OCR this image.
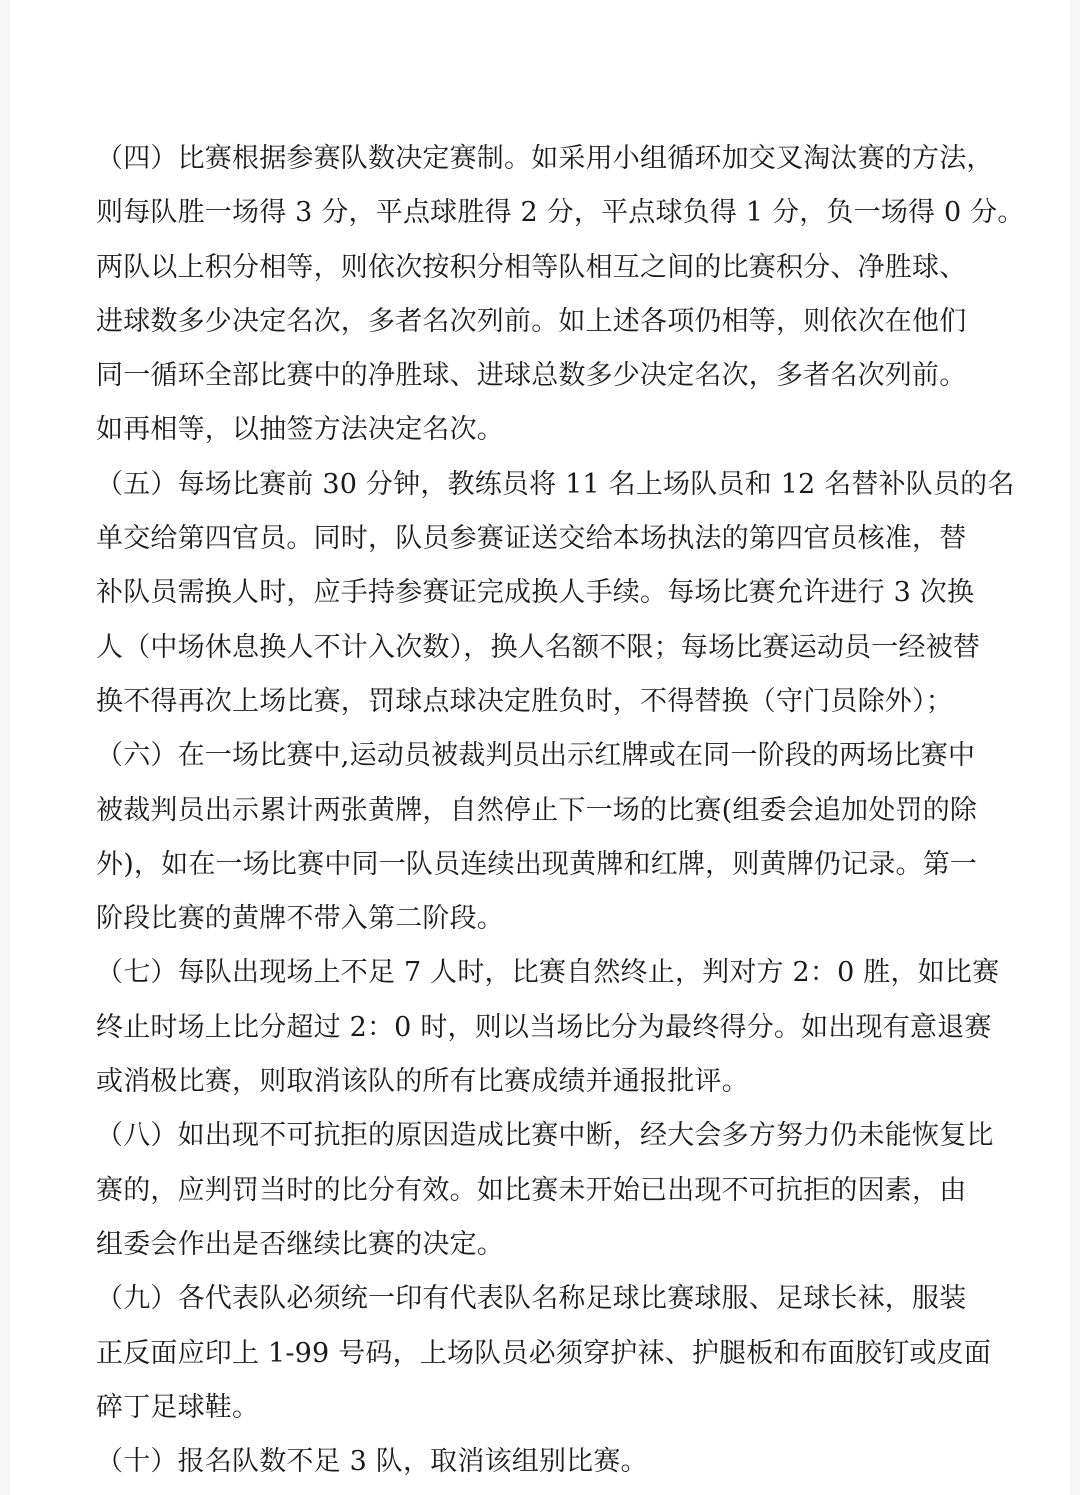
（四）比赛根据参赛队数决定赛制。如采用小组循环加交叉淘汰赛的方法，
则每队胜一场得 3 分，平点球胜得 2 分，平点球负得 1 分，负一场得 0 分。
两队以上积分相等，则依次按积分相等队相互之间的比赛积分、净胜球、
进球数多少决定名次，多者名次列前。如上述各项仍相等，则依次在他们
同一循环全部比赛中的净胜球、进球总数多少决定名次，多者名次列前。
如再相等，以抽签方法决定名次。
（五）每场比赛前 30 分钟，教练员将 11 名上场队员和 12 名替补队员的名
单交给第四官员。同时，队员参赛证送交给本场执法的第四官员核准，替
补队员需换人时，应手持参赛证完成换人手续。每场比赛允许进行 3 次换
人（中场休息换人不计入次数），换人名额不限；每场比赛运动员一经被替
换不得再次上场比赛，罚球点球决定胜负时，不得替换（守门员除外）；
（六）在一场比赛中,运动员被裁判员出示红牌或在同一阶段的两场比赛中
被裁判员出示累计两张黄牌，自然停止下一场的比赛(组委会追加处罚的除
外)，如在一场比赛中同一队员连续出现黄牌和红牌，则黄牌仍记录。第一
阶段比赛的黄牌不带入第二阶段。
（七）每队出现场上不足 7 人时，比赛自然终止，判对方 2：0 胜，如比赛
终止时场上比分超过 2：0 时，则以当场比分为最终得分。如出现有意退赛
或消极比赛，则取消该队的所有比赛成绩并通报批评。
（八）如出现不可抗拒的原因造成比赛中断，经大会多方努力仍未能恢复比
赛的，应判罚当时的比分有效。如比赛未开始已出现不可抗拒的因素，由
组委会作出是否继续比赛的决定。
（九）各代表队必须统一印有代表队名称足球比赛球服、足球长袜，服装
正反面应印上 1-99 号码，上场队员必须穿护袜、护腿板和布面胶钉或皮面
碎丁足球鞋。
（十）报名队数不足 3 队，取消该组别比赛。
